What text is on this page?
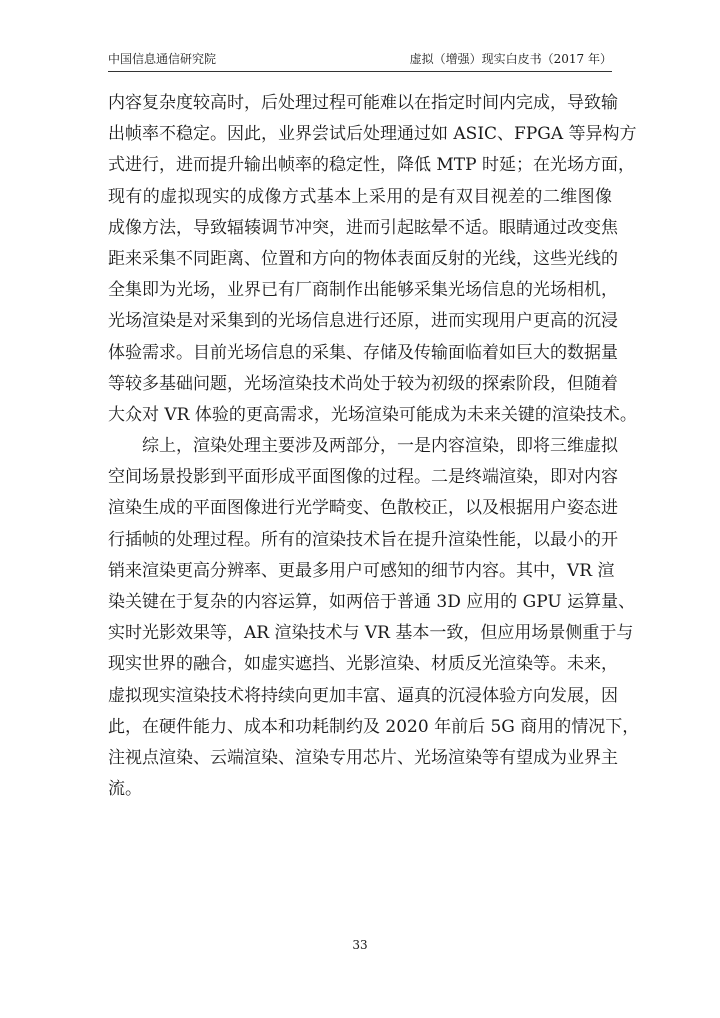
中国信息通信研究院	虚拟（增强）现实白皮书（2017 年）
内容复杂度较高时，后处理过程可能难以在指定时间内完成，导致输
出帧率不稳定。因此，业界尝试后处理通过如 ASIC、FPGA 等异构方
式进行，进而提升输出帧率的稳定性，降低 MTP 时延；在光场方面，
现有的虚拟现实的成像方式基本上采用的是有双目视差的二维图像
成像方法，导致辐辏调节冲突，进而引起眩晕不适。眼睛通过改变焦
距来采集不同距离、位置和方向的物体表面反射的光线，这些光线的
全集即为光场，业界已有厂商制作出能够采集光场信息的光场相机，
光场渲染是对采集到的光场信息进行还原，进而实现用户更高的沉浸
体验需求。目前光场信息的采集、存储及传输面临着如巨大的数据量
等较多基础问题，光场渲染技术尚处于较为初级的探索阶段，但随着
大众对 VR 体验的更高需求，光场渲染可能成为未来关键的渲染技术。
综上，渲染处理主要涉及两部分，一是内容渲染，即将三维虚拟
空间场景投影到平面形成平面图像的过程。二是终端渲染，即对内容
渲染生成的平面图像进行光学畸变、色散校正，以及根据用户姿态进
行插帧的处理过程。所有的渲染技术旨在提升渲染性能，以最小的开
销来渲染更高分辨率、更最多用户可感知的细节内容。其中，VR 渲
染关键在于复杂的内容运算，如两倍于普通 3D 应用的 GPU 运算量、
实时光影效果等，AR 渲染技术与 VR 基本一致，但应用场景侧重于与
现实世界的融合，如虚实遮挡、光影渲染、材质反光渲染等。未来，
虚拟现实渲染技术将持续向更加丰富、逼真的沉浸体验方向发展，因
此，在硬件能力、成本和功耗制约及 2020 年前后 5G 商用的情况下，
注视点渲染、云端渲染、渲染专用芯片、光场渲染等有望成为业界主
流。
33
